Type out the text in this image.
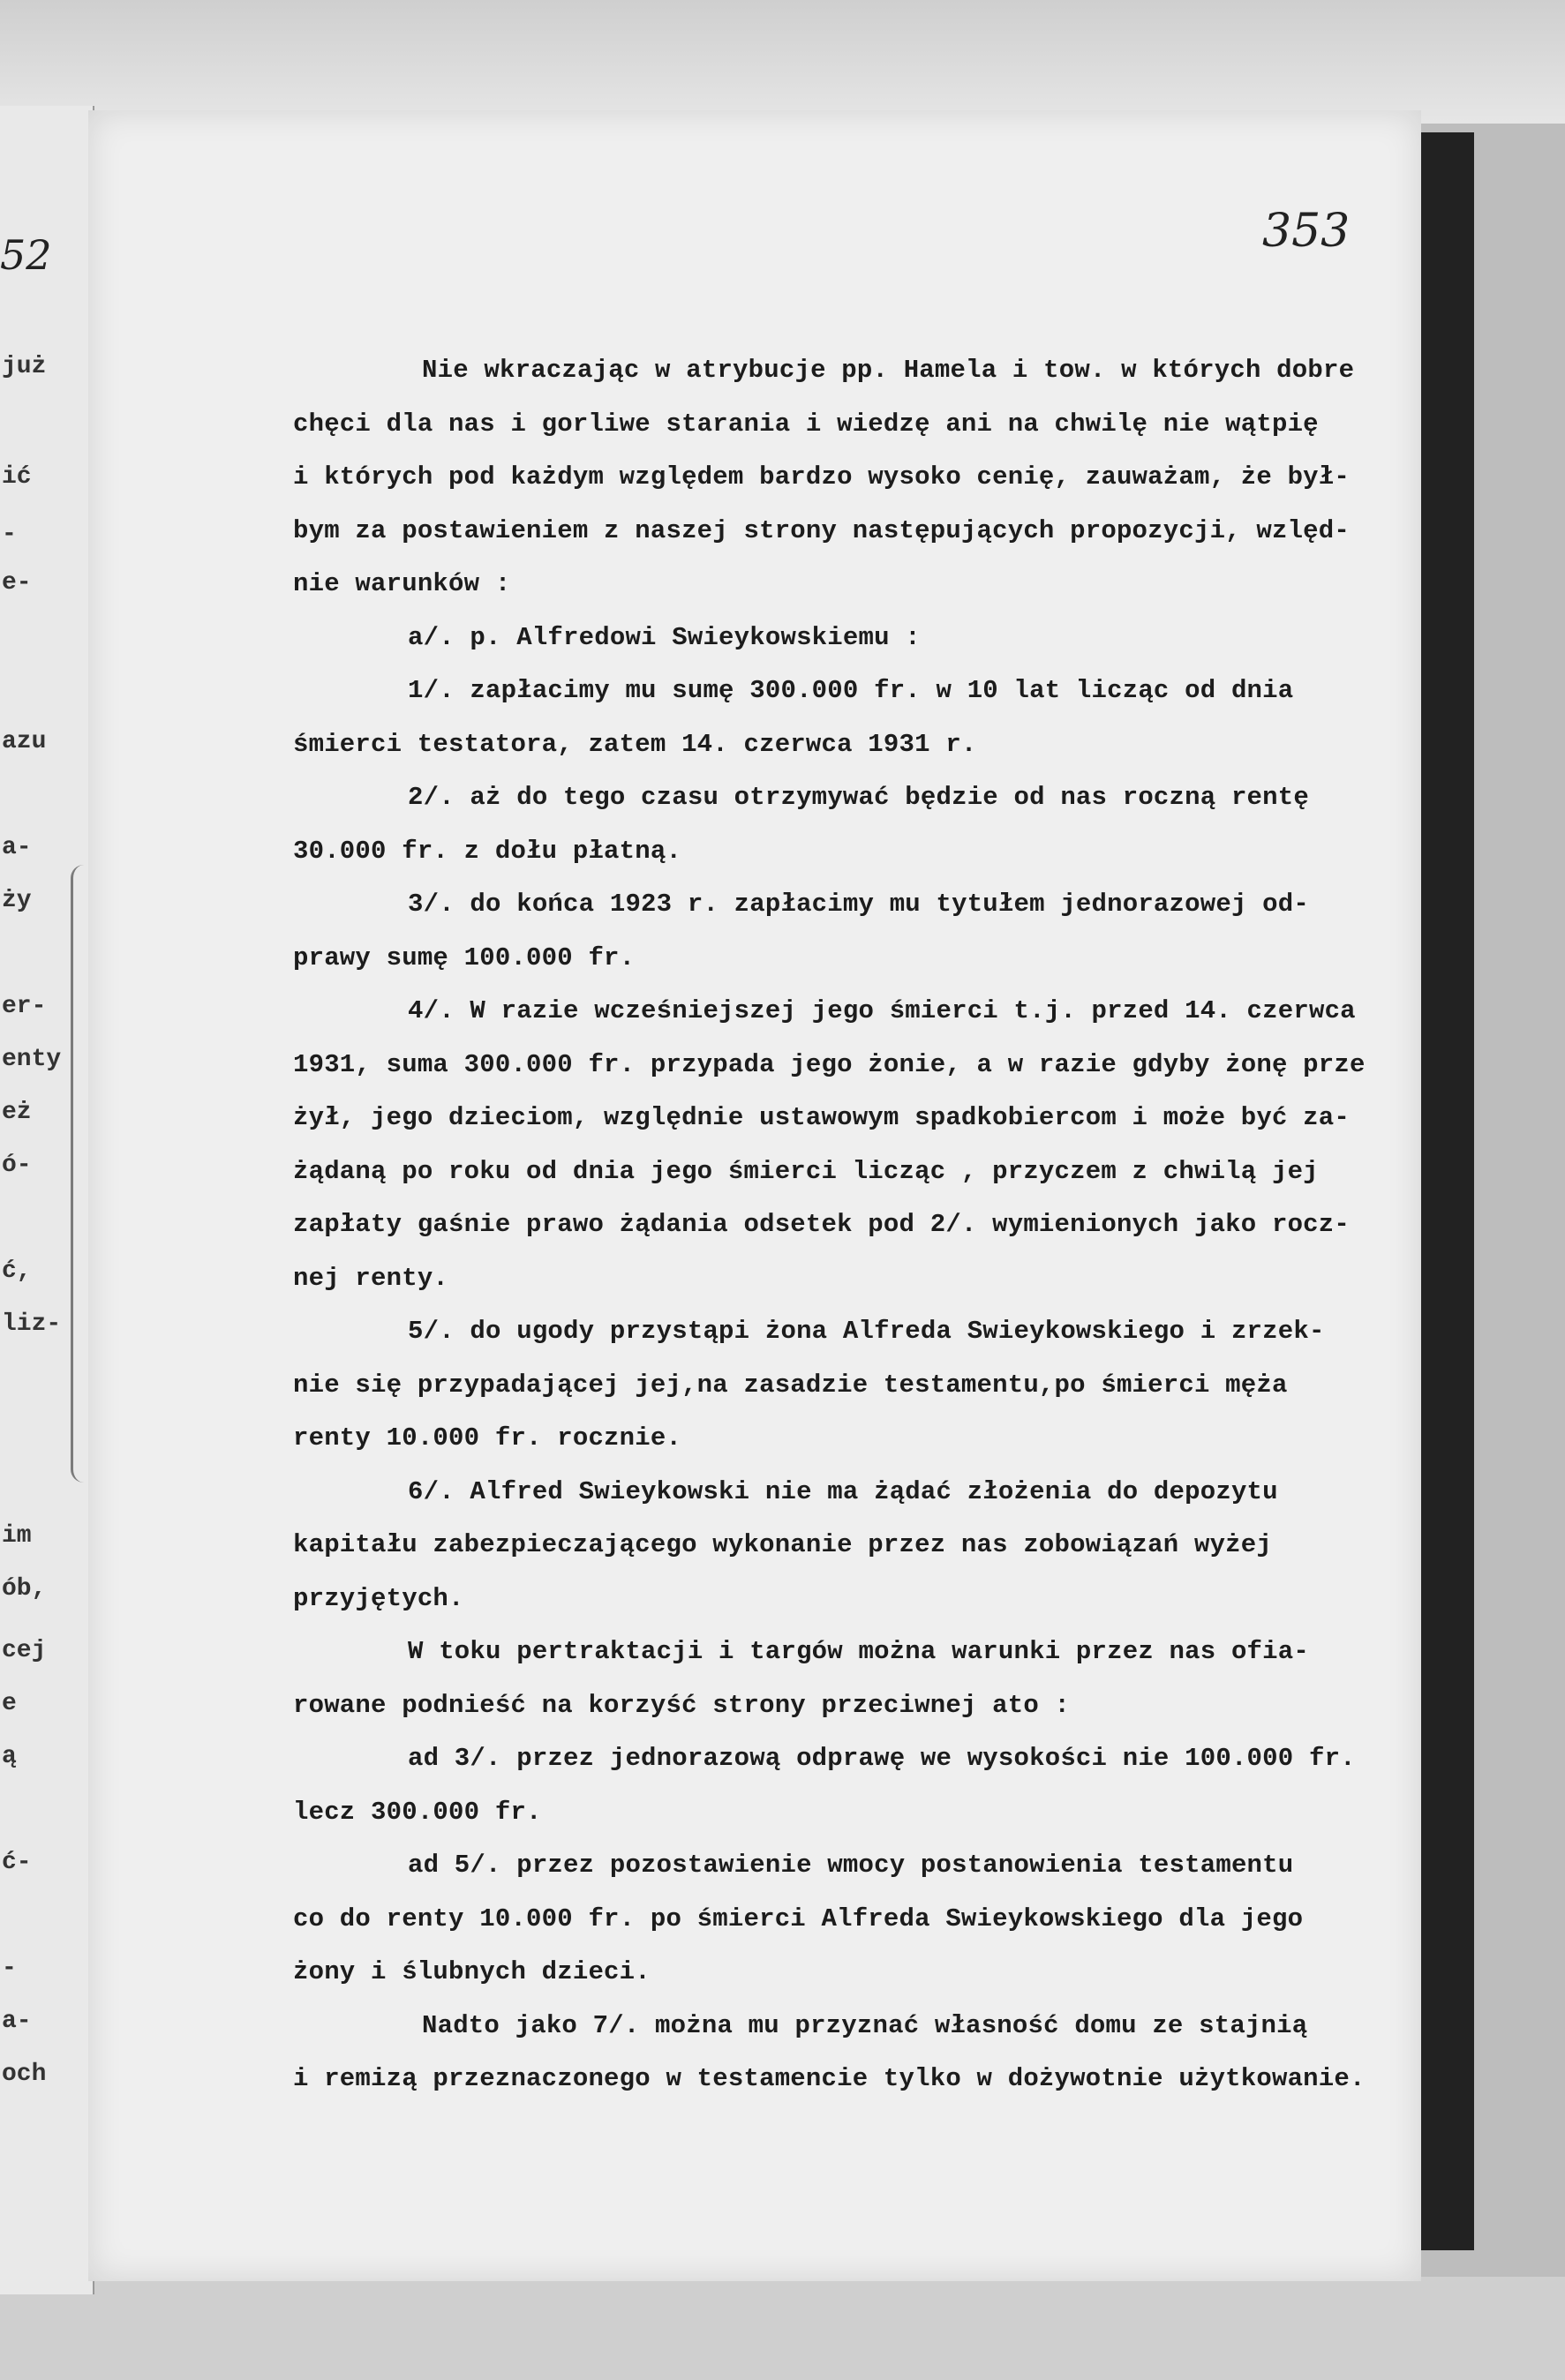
już
ić
-
e-
azu
a-
ży
er-
enty
eż
ó-
ć,
liz-
im
ób,
cej
e
ą
ć-
-
a-
och
52	353
Nie wkraczając w atrybucje pp. Hamela i tow. w których dobre
chęci dla nas i gorliwe starania i wiedzę ani na chwilę nie wątpię
i których pod każdym względem bardzo wysoko cenię, zauważam, że był-
bym za postawieniem z naszej strony następujących propozycji, wzlęd-
nie warunków :
a/. p. Alfredowi Swieykowskiemu :
1/. zapłacimy mu sumę 300.000 fr. w 10 lat licząc od dnia
śmierci testatora, zatem 14. czerwca 1931 r.
2/. aż do tego czasu otrzymywać będzie od nas roczną rentę
30.000 fr. z dołu płatną.
3/. do końca 1923 r. zapłacimy mu tytułem jednorazowej od-
prawy sumę 100.000 fr.
4/. W razie wcześniejszej jego śmierci t.j. przed 14. czerwca
1931, suma 300.000 fr. przypada jego żonie, a w razie gdyby żonę prze
żył, jego dzieciom, względnie ustawowym spadkobiercom i może być za-
żądaną po roku od dnia jego śmierci licząc , przyczem z chwilą jej
zapłaty gaśnie prawo żądania odsetek pod 2/. wymienionych jako rocz-
nej renty.
5/. do ugody przystąpi żona Alfreda Swieykowskiego i zrzek-
nie się przypadającej jej,na zasadzie testamentu,po śmierci męża
renty 10.000 fr. rocznie.
6/. Alfred Swieykowski nie ma żądać złożenia do depozytu
kapitału zabezpieczającego wykonanie przez nas zobowiązań wyżej
przyjętych.
W toku pertraktacji i targów można warunki przez nas ofia-
rowane podnieść na korzyść strony przeciwnej ato :
ad 3/. przez jednorazową odprawę we wysokości nie 100.000 fr.
lecz 300.000 fr.
ad 5/. przez pozostawienie wmocy postanowienia testamentu
co do renty 10.000 fr. po śmierci Alfreda Swieykowskiego dla jego
żony i ślubnych dzieci.
Nadto jako 7/. można mu przyznać własność domu ze stajnią
i remizą przeznaczonego w testamencie tylko w dożywotnie użytkowanie.
